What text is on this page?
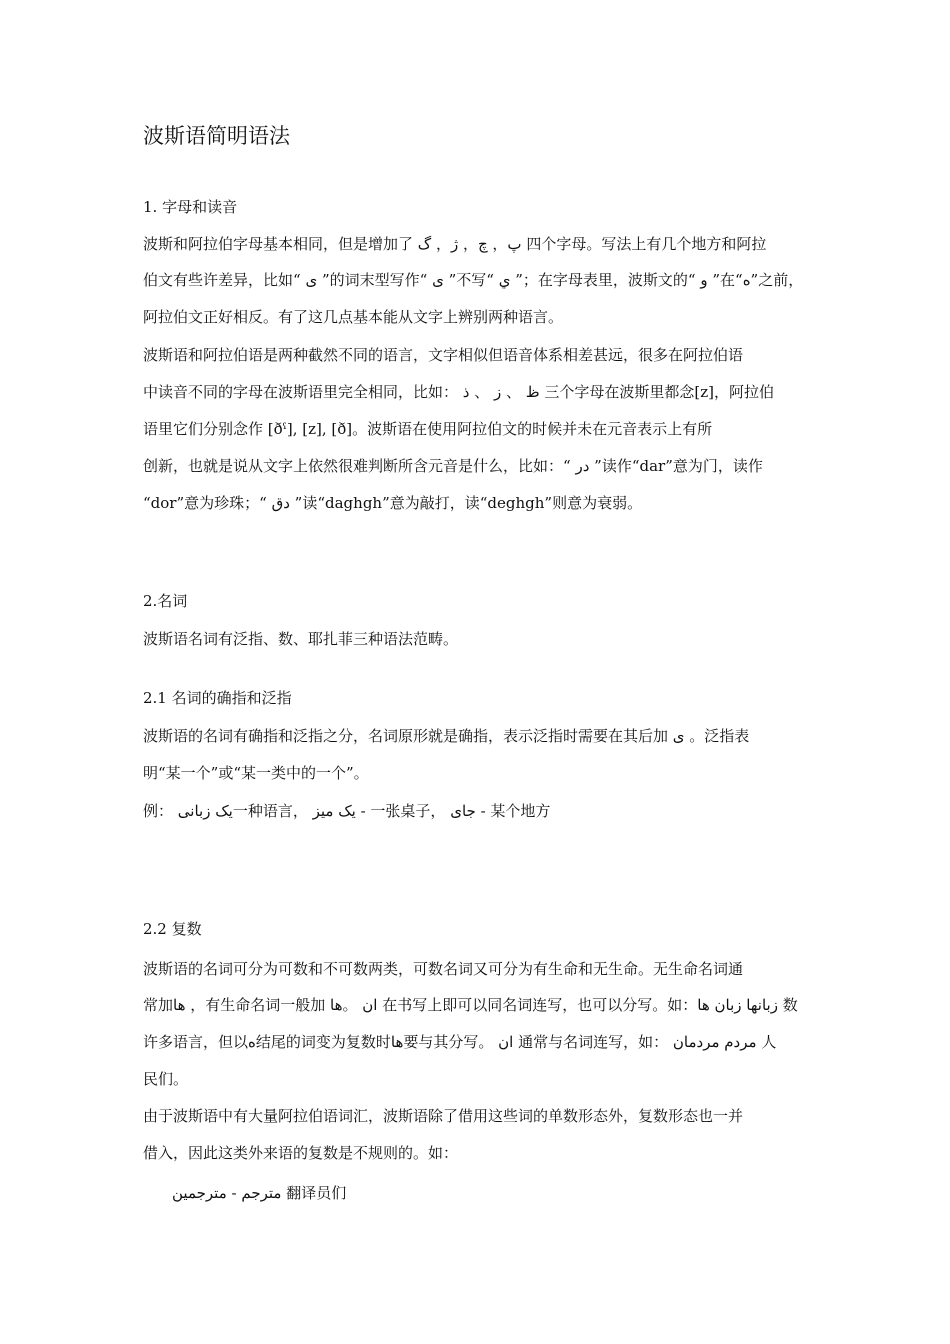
波斯语简明语法
1. 字母和读音
波斯和阿拉伯字母基本相同，但是增加了 پ， چ， ژ， گ 四个字母。写法上有几个地方和阿拉
伯文有些许差异，比如“ ی ”的词末型写作“ ی ”不写“ ي ”；在字母表里，波斯文的“ و ”在“ه”之前，
阿拉伯文正好相反。有了这几点基本能从文字上辨别两种语言。
波斯语和阿拉伯语是两种截然不同的语言，文字相似但语音体系相差甚远，很多在阿拉伯语
中读音不同的字母在波斯语里完全相同，比如： ظ 、 ز 、 ذ 三个字母在波斯里都念[z]，阿拉伯
语里它们分别念作 [ðˤ], [z], [ð]。波斯语在使用阿拉伯文的时候并未在元音表示上有所
创新，也就是说从文字上依然很难判断所含元音是什么，比如：“ در ”读作“dar”意为门，读作
“dor”意为珍珠；“ دق ”读“daghgh”意为敲打，读“deghgh”则意为衰弱。
2.名词
波斯语名词有泛指、数、耶扎菲三种语法范畴。
2.1 名词的确指和泛指
波斯语的名词有确指和泛指之分，名词原形就是确指，表示泛指时需要在其后加 ی 。泛指表
明“某一个”或“某一类中的一个”。
例： یک زبانی一种语言， یک میز - 一张桌子， جای - 某个地方
2.2 复数
波斯语的名词可分为可数和不可数两类，可数名词又可分为有生命和无生命。无生命名词通
常加ها ，有生命名词一般加 ان 。ها 在书写上即可以同名词连写，也可以分写。如：زبانها زبان ها 数
许多语言，但以ه结尾的词变为复数时ها要与其分写。 ان 通常与名词连写，如： مردم مردمان 人
民们。
由于波斯语中有大量阿拉伯语词汇，波斯语除了借用这些词的单数形态外，复数形态也一并
借入，因此这类外来语的复数是不规则的。如：
مترجم - مترجمین 翻译员们
